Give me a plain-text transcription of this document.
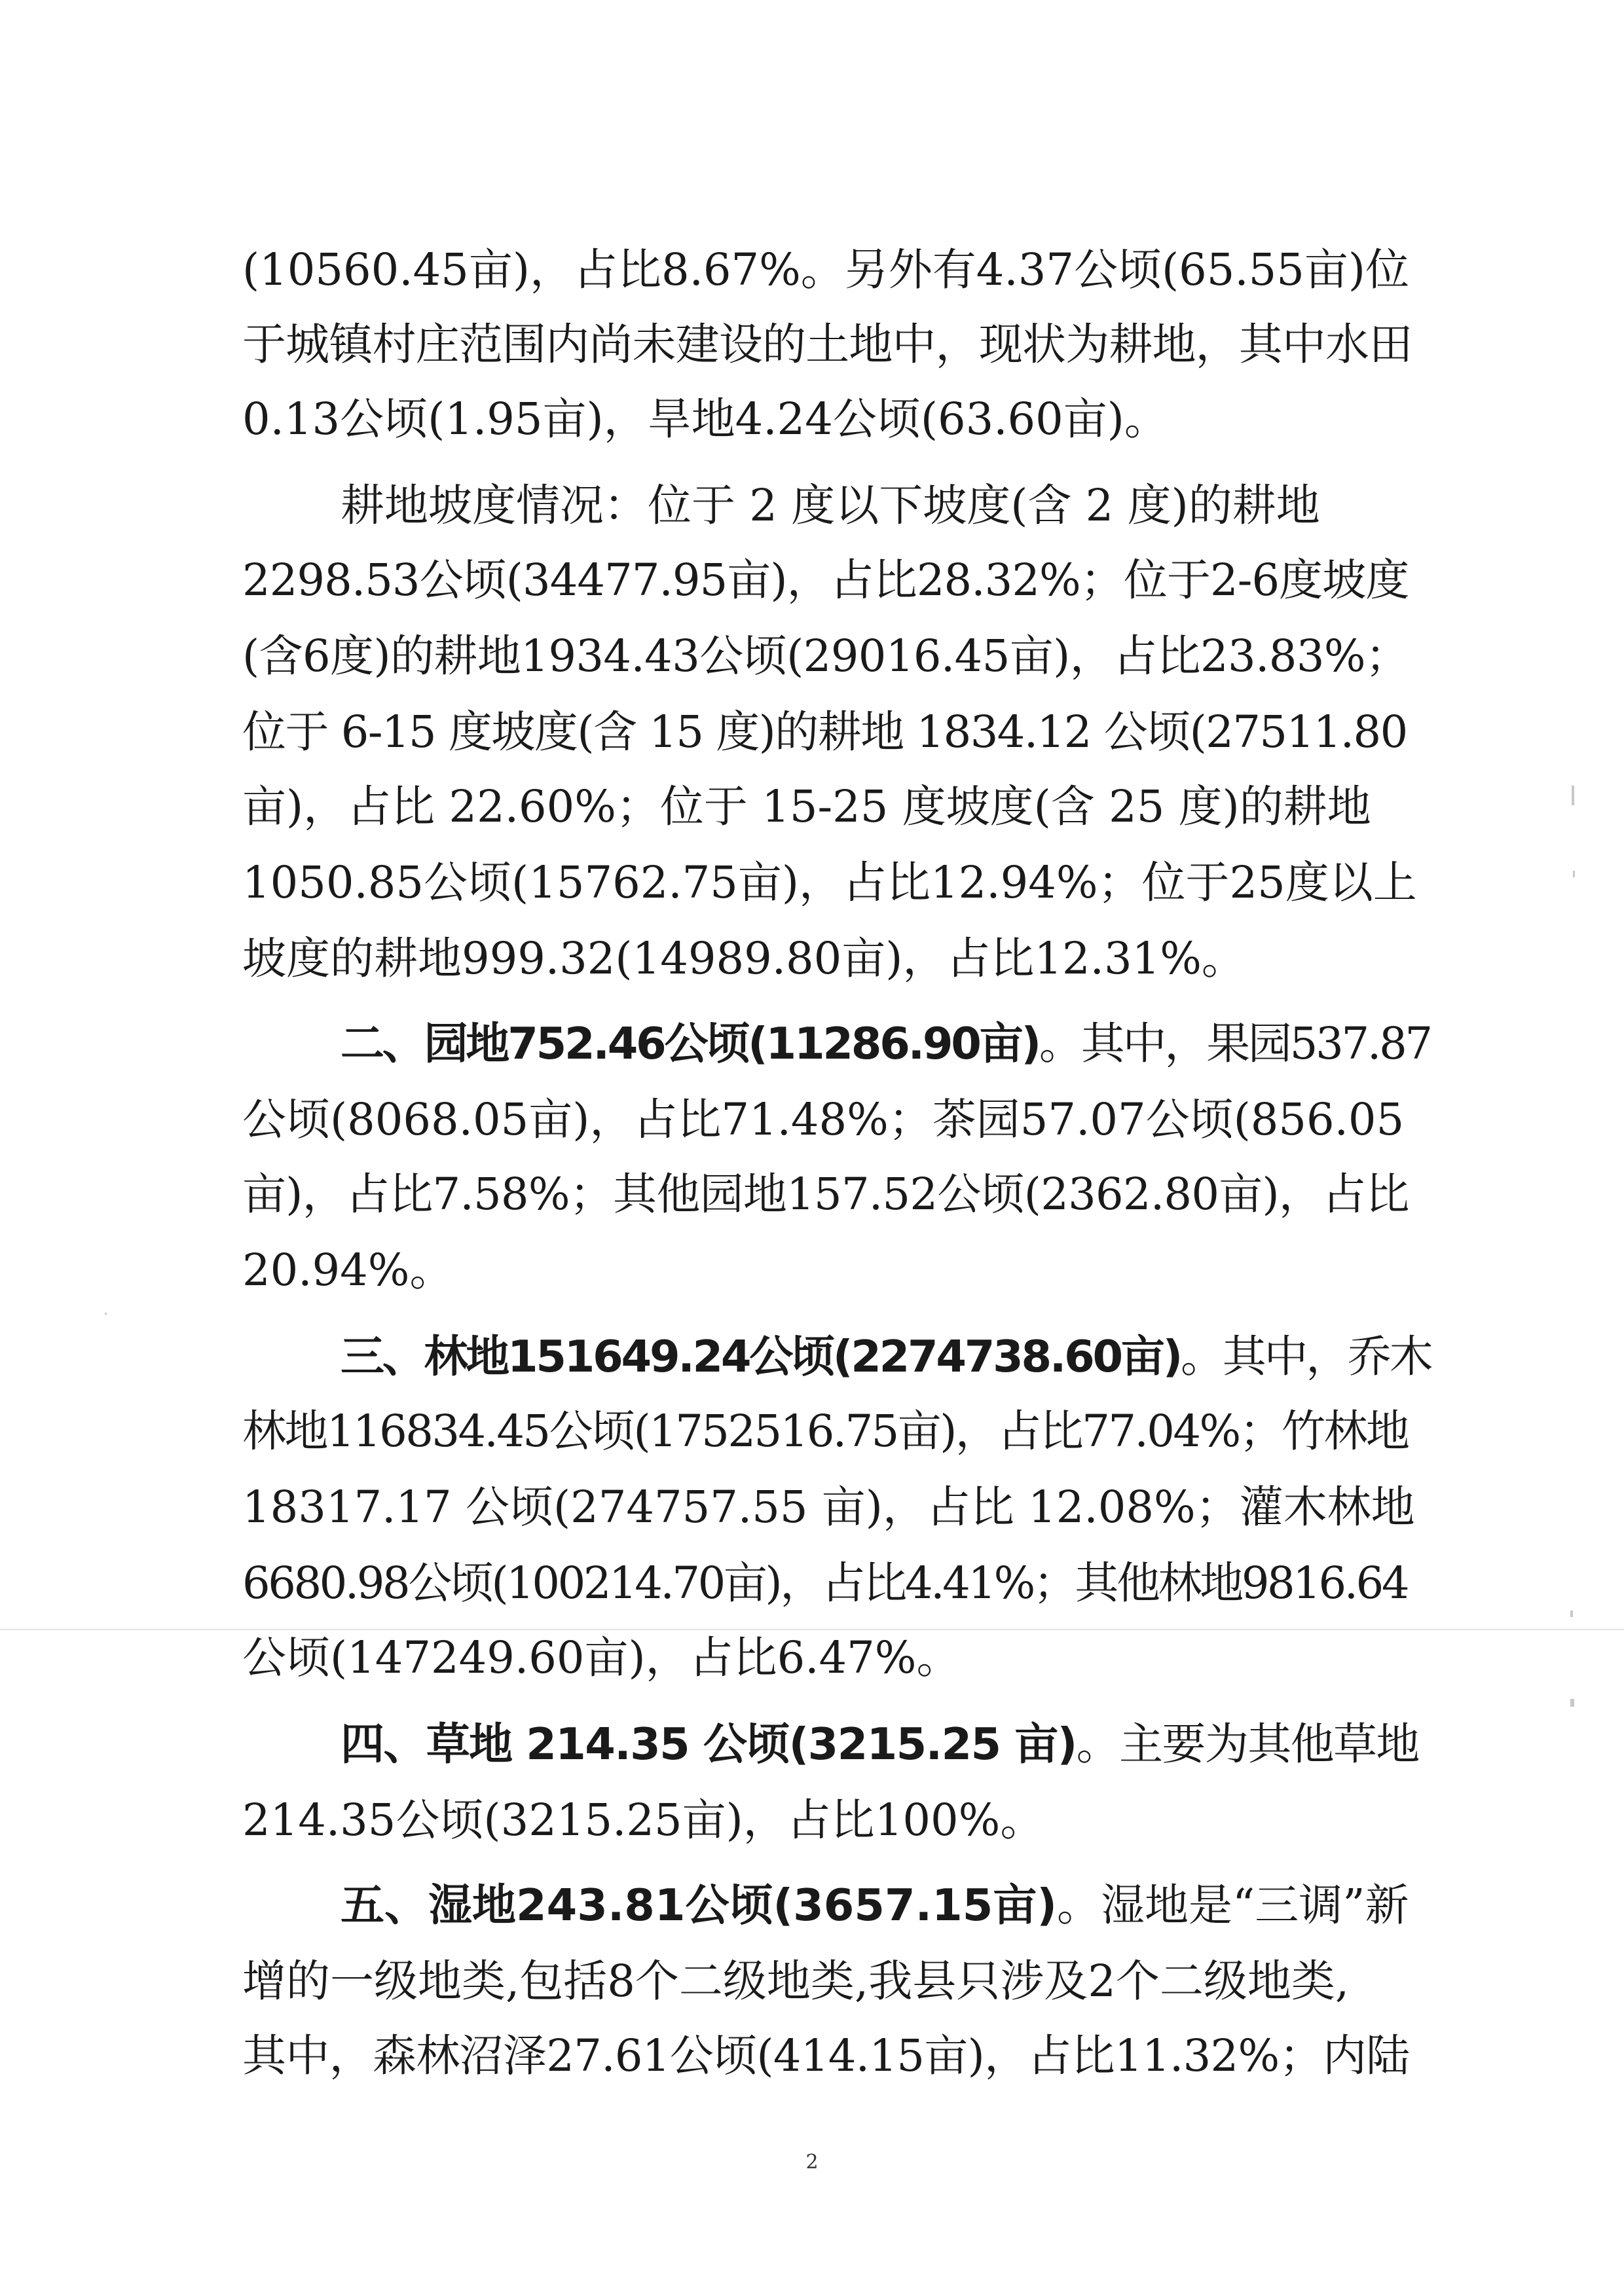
(10560.45亩)，占比8.67%。另外有4.37公顷(65.55亩)位
于城镇村庄范围内尚未建设的土地中，现状为耕地，其中水田
0.13公顷(1.95亩)，旱地4.24公顷(63.60亩)。
耕地坡度情况：位于 2 度以下坡度(含 2 度)的耕地
2298.53公顷(34477.95亩)，占比28.32%；位于2-6度坡度
(含6度)的耕地1934.43公顷(29016.45亩)，占比23.83%；
位于 6-15 度坡度(含 15 度)的耕地 1834.12 公顷(27511.80
亩)，占比 22.60%；位于 15-25 度坡度(含 25 度)的耕地
1050.85公顷(15762.75亩)，占比12.94%；位于25度以上
坡度的耕地999.32(14989.80亩)，占比12.31%。
二、园地752.46公顷(11286.90亩)。其中，果园537.87
公顷(8068.05亩)，占比71.48%；茶园57.07公顷(856.05
亩)，占比7.58%；其他园地157.52公顷(2362.80亩)，占比
20.94%。
三、林地151649.24公顷(2274738.60亩)。其中，乔木
林地116834.45公顷(1752516.75亩)，占比77.04%；竹林地
18317.17 公顷(274757.55 亩)，占比 12.08%；灌木林地
6680.98公顷(100214.70亩)，占比4.41%；其他林地9816.64
公顷(147249.60亩)，占比6.47%。
四、草地 214.35 公顷(3215.25 亩)。主要为其他草地
214.35公顷(3215.25亩)，占比100%。
五、湿地243.81公顷(3657.15亩)。湿地是“三调”新
增的一级地类,包括8个二级地类,我县只涉及2个二级地类,
其中，森林沼泽27.61公顷(414.15亩)，占比11.32%；内陆
2
